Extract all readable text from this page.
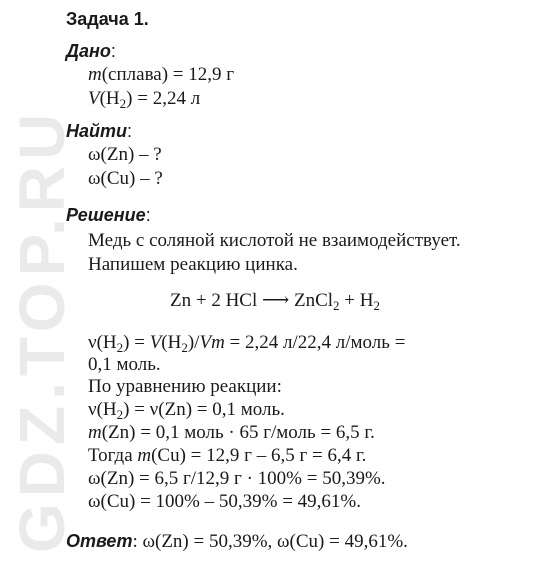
GDZ.TOP.RU
Задача 1.
Дано:
m(сплава) = 12,9 г
$V(H_2) = 2,24$ л
Найти:
ω(Zn) – ?
ω(Cu) – ?
Решение:
Медь с соляной кислотой не взаимодействует.
Напишем реакцию цинка.
Zn + 2 HCl ⟶ ZnCl$_2$ + $H_2$
$\nu(H_2) = V(H_2)/Vm = 2,24$ л/22,4 л/моль =
0,1 моль.
По уравнению реакции:
$\nu(H_2) = \nu(Zn) = 0,1$ моль.
m(Zn) = 0,1 моль · 65 г/моль = 6,5 г.
Тогда m(Cu) = 12,9 г – 6,5 г = 6,4 г.
ω(Zn) = 6,5 г/12,9 г · 100% = 50,39%.
ω(Cu) = 100% – 50,39% = 49,61%.
Ответ: ω(Zn) = 50,39%, ω(Cu) = 49,61%.
